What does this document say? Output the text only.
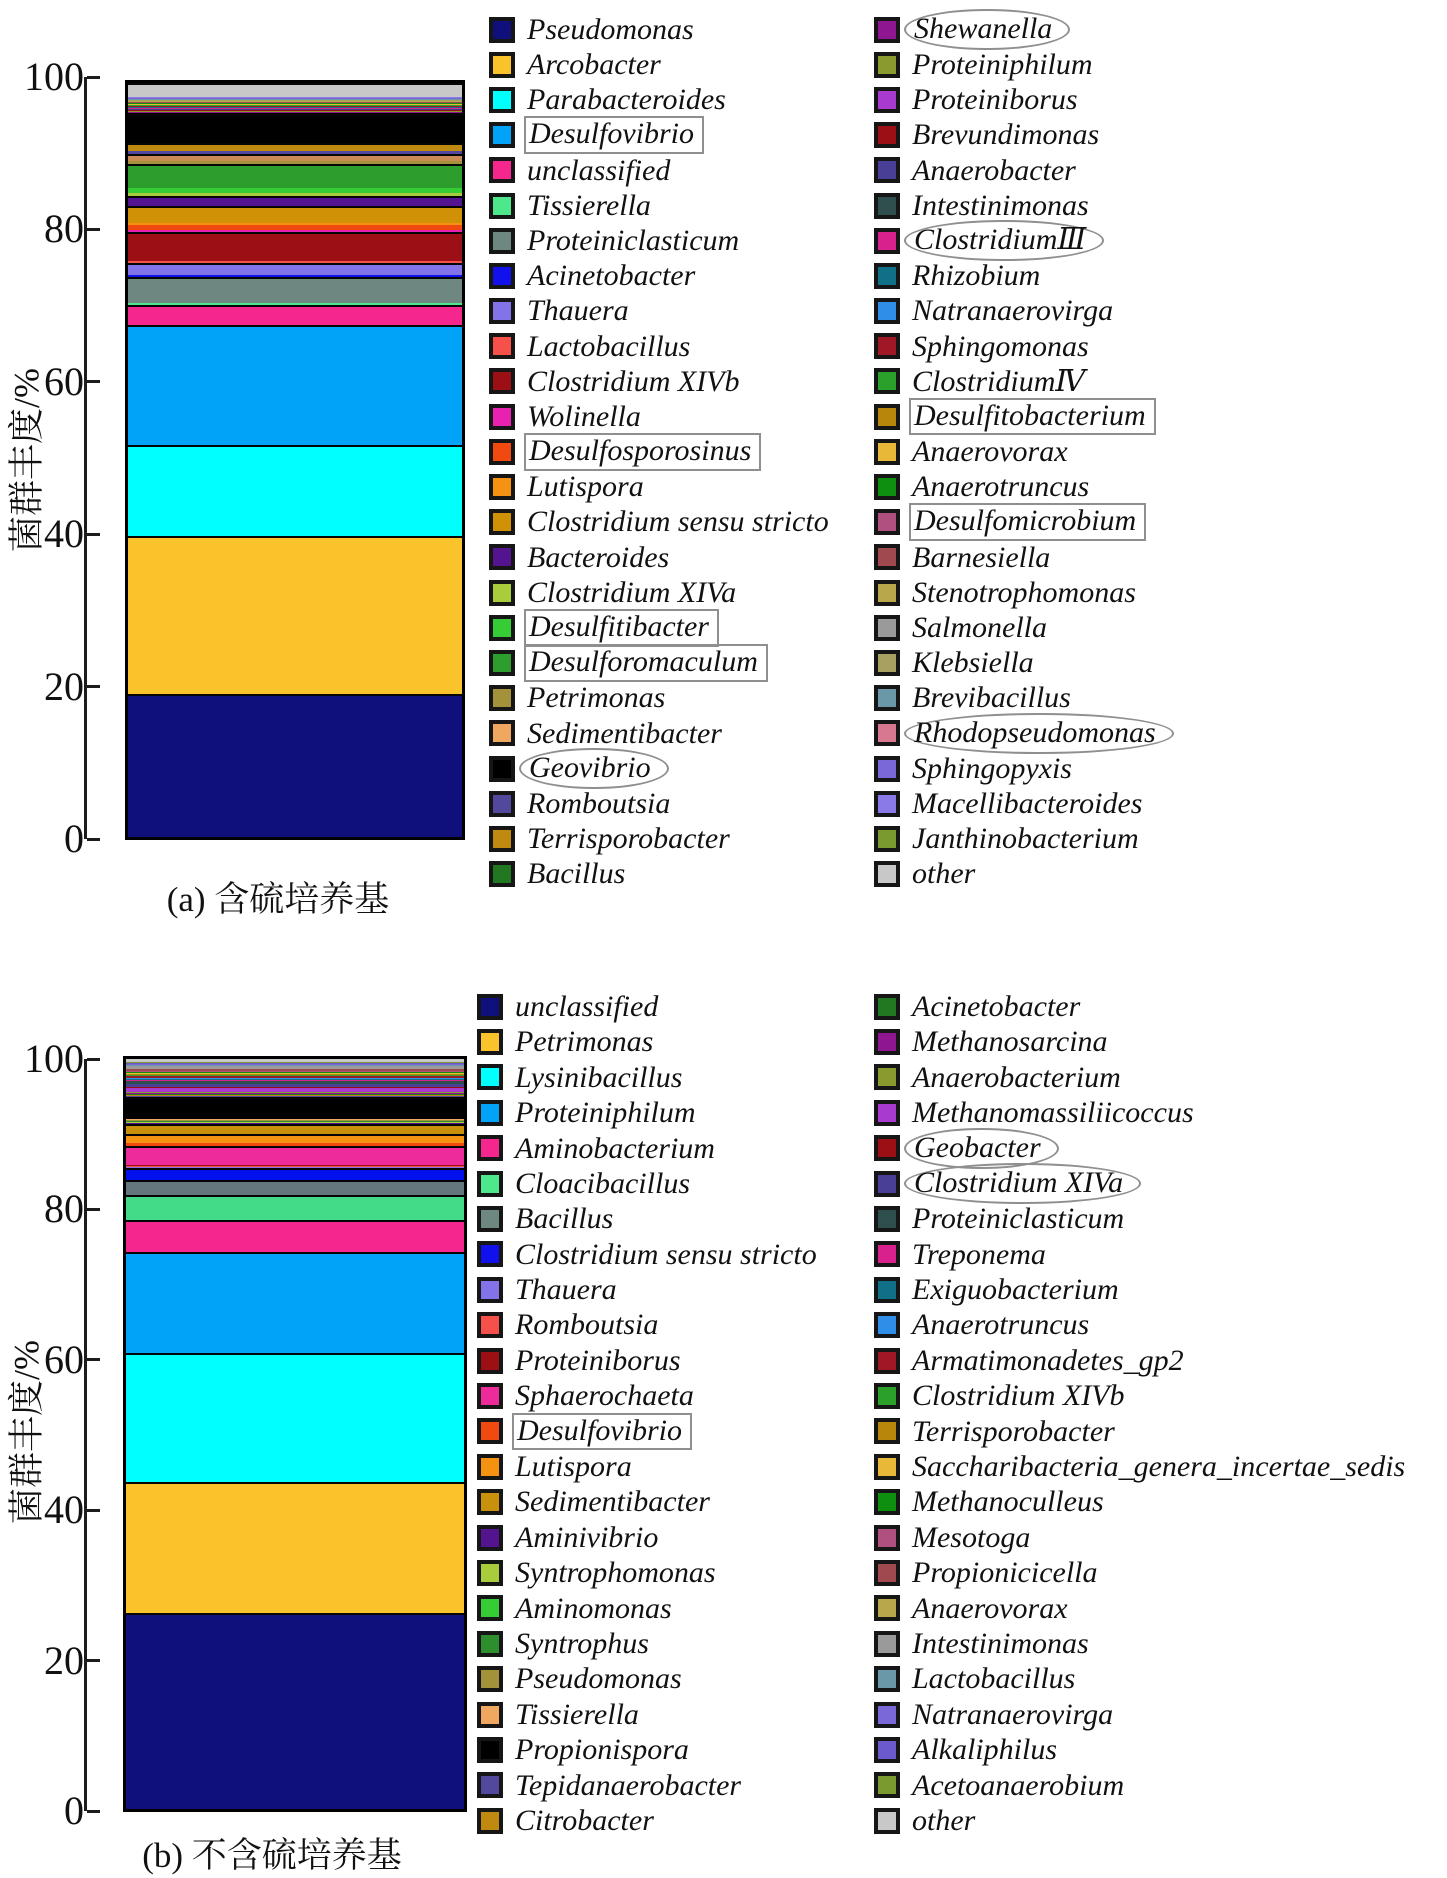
菌群丰度/%
0
20
40
60
80
100
(a) 含硫培养基
Pseudomonas
Arcobacter
Parabacteroides
Desulfovibrio
unclassified
Tissierella
Proteiniclasticum
Acinetobacter
Thauera
Lactobacillus
Clostridium XIVb
Wolinella
Desulfosporosinus
Lutispora
Clostridium sensu stricto
Bacteroides
Clostridium XIVa
Desulfitibacter
Desulforomaculum
Petrimonas
Sedimentibacter
Geovibrio
Romboutsia
Terrisporobacter
Bacillus
Shewanella
Proteiniphilum
Proteiniborus
Brevundimonas
Anaerobacter
Intestinimonas
ClostridiumⅢ
Rhizobium
Natranaerovirga
Sphingomonas
ClostridiumⅣ
Desulfitobacterium
Anaerovorax
Anaerotruncus
Desulfomicrobium
Barnesiella
Stenotrophomonas
Salmonella
Klebsiella
Brevibacillus
Rhodopseudomonas
Sphingopyxis
Macellibacteroides
Janthinobacterium
other
菌群丰度/%
0
20
40
60
80
100
(b) 不含硫培养基
unclassified
Petrimonas
Lysinibacillus
Proteiniphilum
Aminobacterium
Cloacibacillus
Bacillus
Clostridium sensu stricto
Thauera
Romboutsia
Proteiniborus
Sphaerochaeta
Desulfovibrio
Lutispora
Sedimentibacter
Aminivibrio
Syntrophomonas
Aminomonas
Syntrophus
Pseudomonas
Tissierella
Propionispora
Tepidanaerobacter
Citrobacter
Acinetobacter
Methanosarcina
Anaerobacterium
Methanomassiliicoccus
Geobacter
Clostridium XIVa
Proteiniclasticum
Treponema
Exiguobacterium
Anaerotruncus
Armatimonadetes_gp2
Clostridium XIVb
Terrisporobacter
Saccharibacteria_genera_incertae_sedis
Methanoculleus
Mesotoga
Propionicicella
Anaerovorax
Intestinimonas
Lactobacillus
Natranaerovirga
Alkaliphilus
Acetoanaerobium
other
